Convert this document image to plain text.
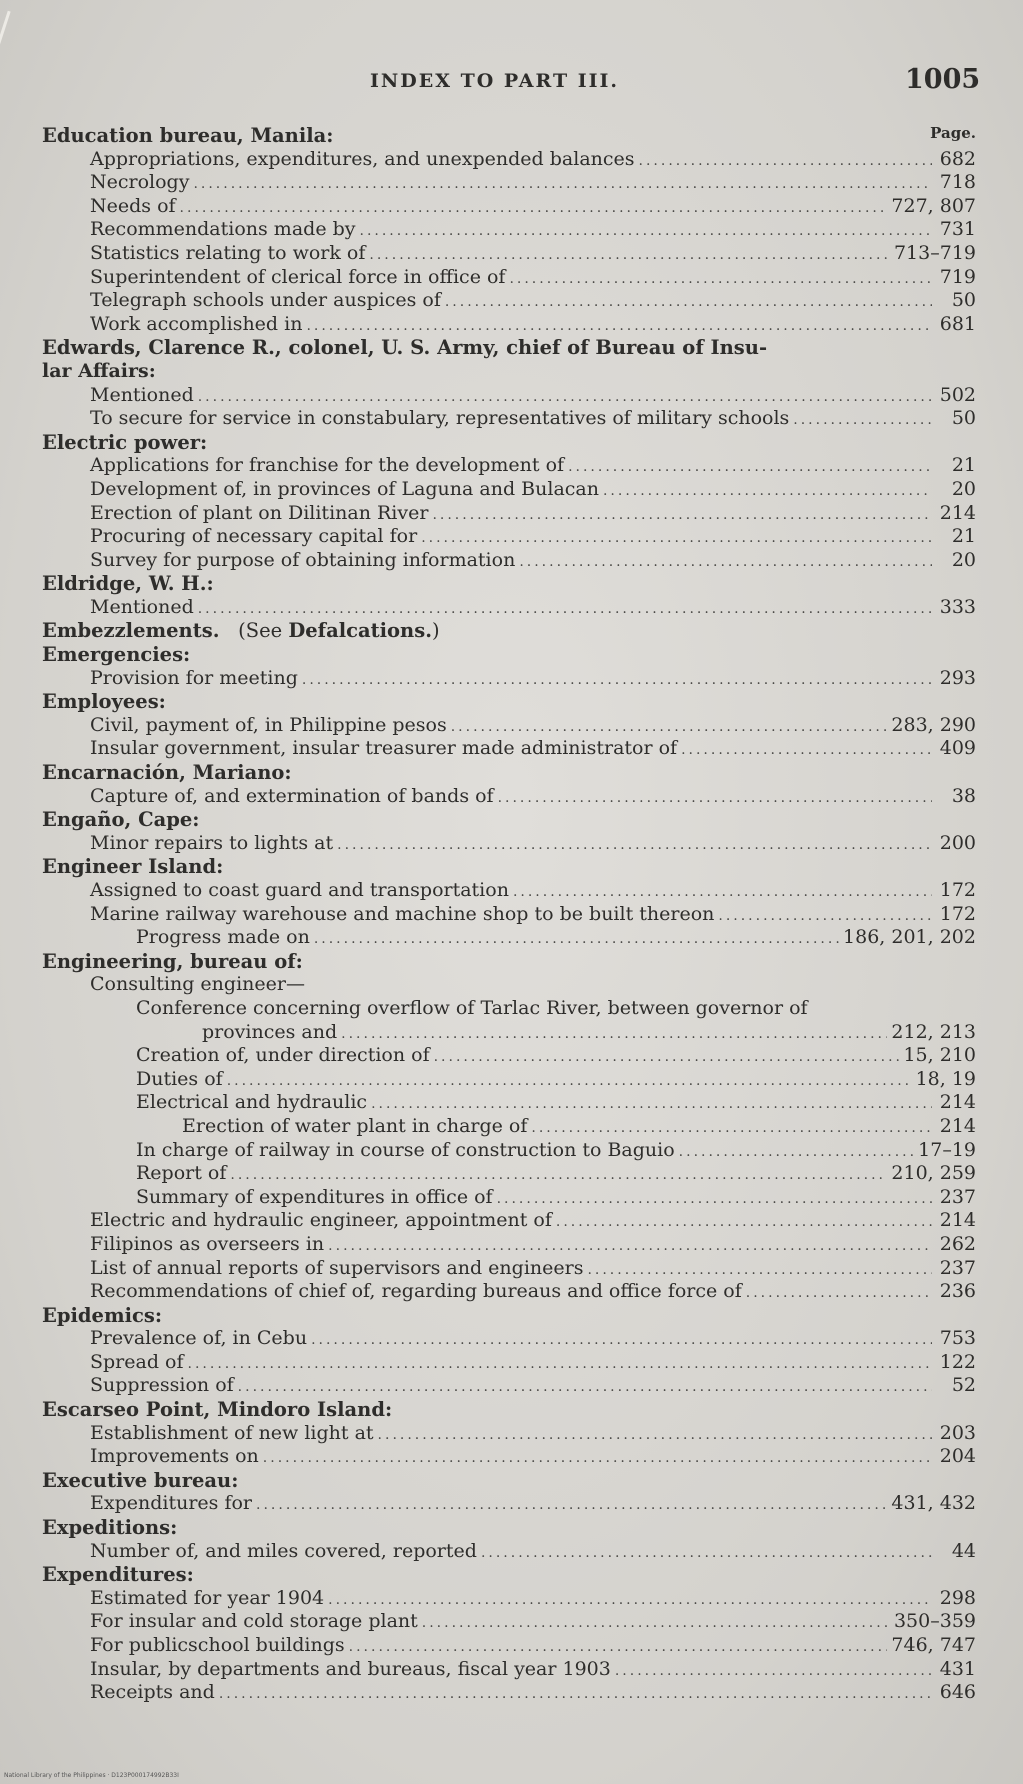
INDEX TO PART III.	1005
Page.
Education bureau, Manila:
Appropriations, expenditures, and unexpended balances .....	682
Necrology .....	718
Needs of .....	727, 807
Recommendations made by .....	731
Statistics relating to work of .....	713–719
Superintendent of clerical force in office of .....	719
Telegraph schools under auspices of .....	50
Work accomplished in .....	681
Edwards, Clarence R., colonel, U. S. Army, chief of Bureau of Insu-
lar Affairs:
Mentioned .....	502
To secure for service in constabulary, representatives of military schools .....	50
Electric power:
Applications for franchise for the development of .....	21
Development of, in provinces of Laguna and Bulacan .....	20
Erection of plant on Dilitinan River .....	214
Procuring of necessary capital for .....	21
Survey for purpose of obtaining information .....	20
Eldridge, W. H.:
Mentioned .....	333
Embezzlements. (See Defalcations.)
Emergencies:
Provision for meeting .....	293
Employees:
Civil, payment of, in Philippine pesos .....	283, 290
Insular government, insular treasurer made administrator of .....	409
Encarnación, Mariano:
Capture of, and extermination of bands of .....	38
Engaño, Cape:
Minor repairs to lights at .....	200
Engineer Island:
Assigned to coast guard and transportation .....	172
Marine railway warehouse and machine shop to be built thereon .....	172
Progress made on .....	186, 201, 202
Engineering, bureau of:
Consulting engineer—
Conference concerning overflow of Tarlac River, between governor of
provinces and .....	212, 213
Creation of, under direction of .....	15, 210
Duties of .....	18, 19
Electrical and hydraulic .....	214
Erection of water plant in charge of .....	214
In charge of railway in course of construction to Baguio .....	17–19
Report of .....	210, 259
Summary of expenditures in office of .....	237
Electric and hydraulic engineer, appointment of .....	214
Filipinos as overseers in .....	262
List of annual reports of supervisors and engineers .....	237
Recommendations of chief of, regarding bureaus and office force of .....	236
Epidemics:
Prevalence of, in Cebu .....	753
Spread of .....	122
Suppression of .....	52
Escarseo Point, Mindoro Island:
Establishment of new light at .....	203
Improvements on .....	204
Executive bureau:
Expenditures for .....	431, 432
Expeditions:
Number of, and miles covered, reported .....	44
Expenditures:
Estimated for year 1904 .....	298
For insular and cold storage plant .....	350–359
For publicschool buildings .....	746, 747
Insular, by departments and bureaus, fiscal year 1903 .....	431
Receipts and .....	646
National Library of the Philippines · D123P000174992B33I
